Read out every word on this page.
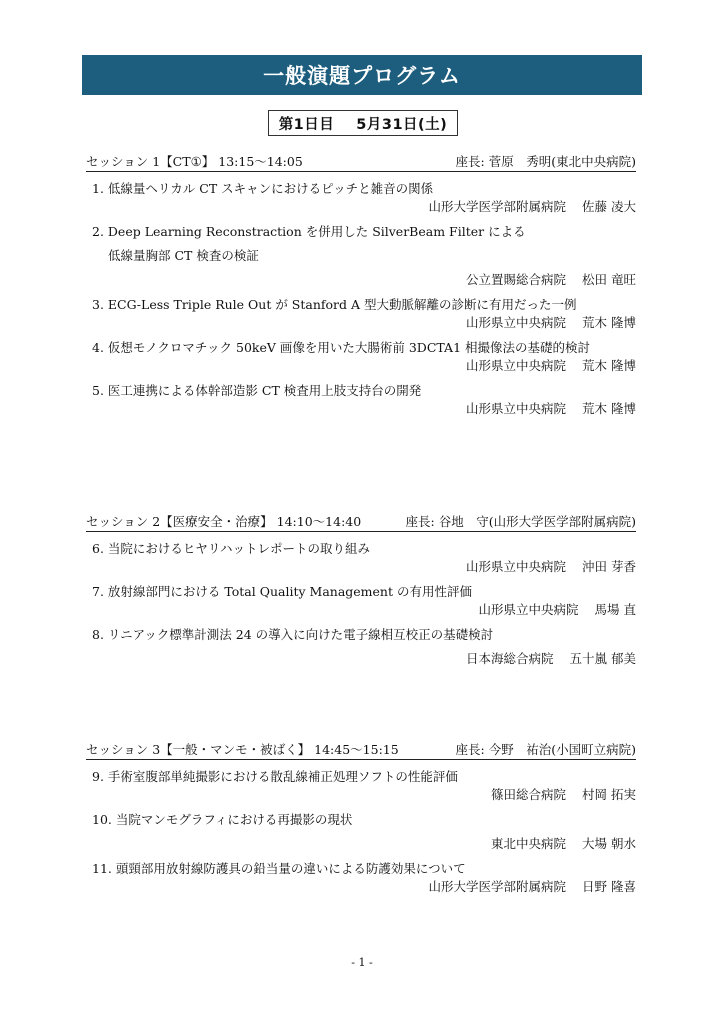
一般演題プログラム
第1日目 5月31日(土)
セッション 1【CT①】 13:15～14:05	座長: 菅原　秀明(東北中央病院)
1. 低線量ヘリカル CT スキャンにおけるピッチと雑音の関係
山形大学医学部附属病院 佐藤 凌大
2. Deep Learning Reconstraction を併用した SilverBeam Filter による
低線量胸部 CT 検査の検証
公立置賜総合病院 松田 竜旺
3. ECG-Less Triple Rule Out が Stanford A 型大動脈解離の診断に有用だった一例
山形県立中央病院 荒木 隆博
4. 仮想モノクロマチック 50keV 画像を用いた大腸術前 3DCTA1 相撮像法の基礎的検討
山形県立中央病院 荒木 隆博
5. 医工連携による体幹部造影 CT 検査用上肢支持台の開発
山形県立中央病院 荒木 隆博
セッション 2【医療安全・治療】 14:10～14:40	座長: 谷地　守(山形大学医学部附属病院)
6. 当院におけるヒヤリハットレポートの取り組み
山形県立中央病院 沖田 芽香
7. 放射線部門における Total Quality Management の有用性評価
山形県立中央病院 馬場 直
8. リニアック標準計測法 24 の導入に向けた電子線相互校正の基礎検討
日本海総合病院 五十嵐 郁美
セッション 3【一般・マンモ・被ばく】 14:45～15:15	座長: 今野　祐治(小国町立病院)
9. 手術室腹部単純撮影における散乱線補正処理ソフトの性能評価
篠田総合病院 村岡 拓実
10. 当院マンモグラフィにおける再撮影の現状
東北中央病院 大場 朝水
11. 頭頸部用放射線防護具の鉛当量の違いによる防護効果について
山形大学医学部附属病院 日野 隆喜
- 1 -
